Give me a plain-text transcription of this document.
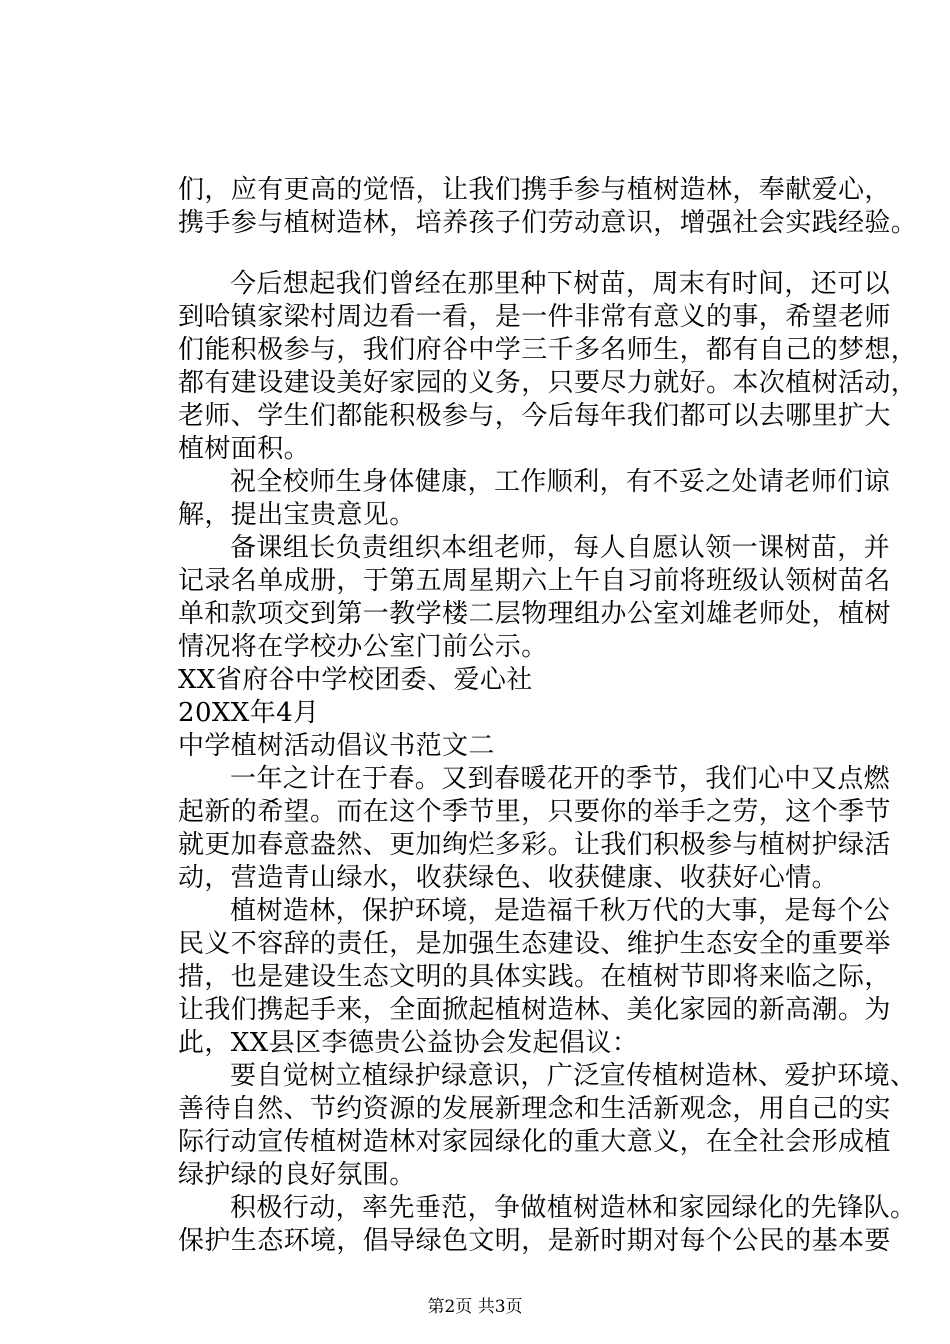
们，应有更高的觉悟，让我们携手参与植树造林，奉献爱心，
携手参与植树造林，培养孩子们劳动意识，增强社会实践经验。
今后想起我们曾经在那里种下树苗，周末有时间，还可以
到哈镇家梁村周边看一看，是一件非常有意义的事，希望老师
们能积极参与，我们府谷中学三千多名师生，都有自己的梦想，
都有建设建设美好家园的义务，只要尽力就好。本次植树活动，
老师、学生们都能积极参与，今后每年我们都可以去哪里扩大
植树面积。
祝全校师生身体健康，工作顺利，有不妥之处请老师们谅
解，提出宝贵意见。
备课组长负责组织本组老师，每人自愿认领一课树苗，并
记录名单成册，于第五周星期六上午自习前将班级认领树苗名
单和款项交到第一教学楼二层物理组办公室刘雄老师处，植树
情况将在学校办公室门前公示。
XX省府谷中学校团委、爱心社
20XX年4月
中学植树活动倡议书范文二
一年之计在于春。又到春暖花开的季节，我们心中又点燃
起新的希望。而在这个季节里，只要你的举手之劳，这个季节
就更加春意盎然、更加绚烂多彩。让我们积极参与植树护绿活
动，营造青山绿水，收获绿色、收获健康、收获好心情。
植树造林，保护环境，是造福千秋万代的大事，是每个公
民义不容辞的责任，是加强生态建设、维护生态安全的重要举
措，也是建设生态文明的具体实践。在植树节即将来临之际，
让我们携起手来，全面掀起植树造林、美化家园的新高潮。为
此，XX县区李德贵公益协会发起倡议：
要自觉树立植绿护绿意识，广泛宣传植树造林、爱护环境、
善待自然、节约资源的发展新理念和生活新观念，用自己的实
际行动宣传植树造林对家园绿化的重大意义，在全社会形成植
绿护绿的良好氛围。
积极行动，率先垂范，争做植树造林和家园绿化的先锋队。
保护生态环境，倡导绿色文明，是新时期对每个公民的基本要
第2页 共3页
